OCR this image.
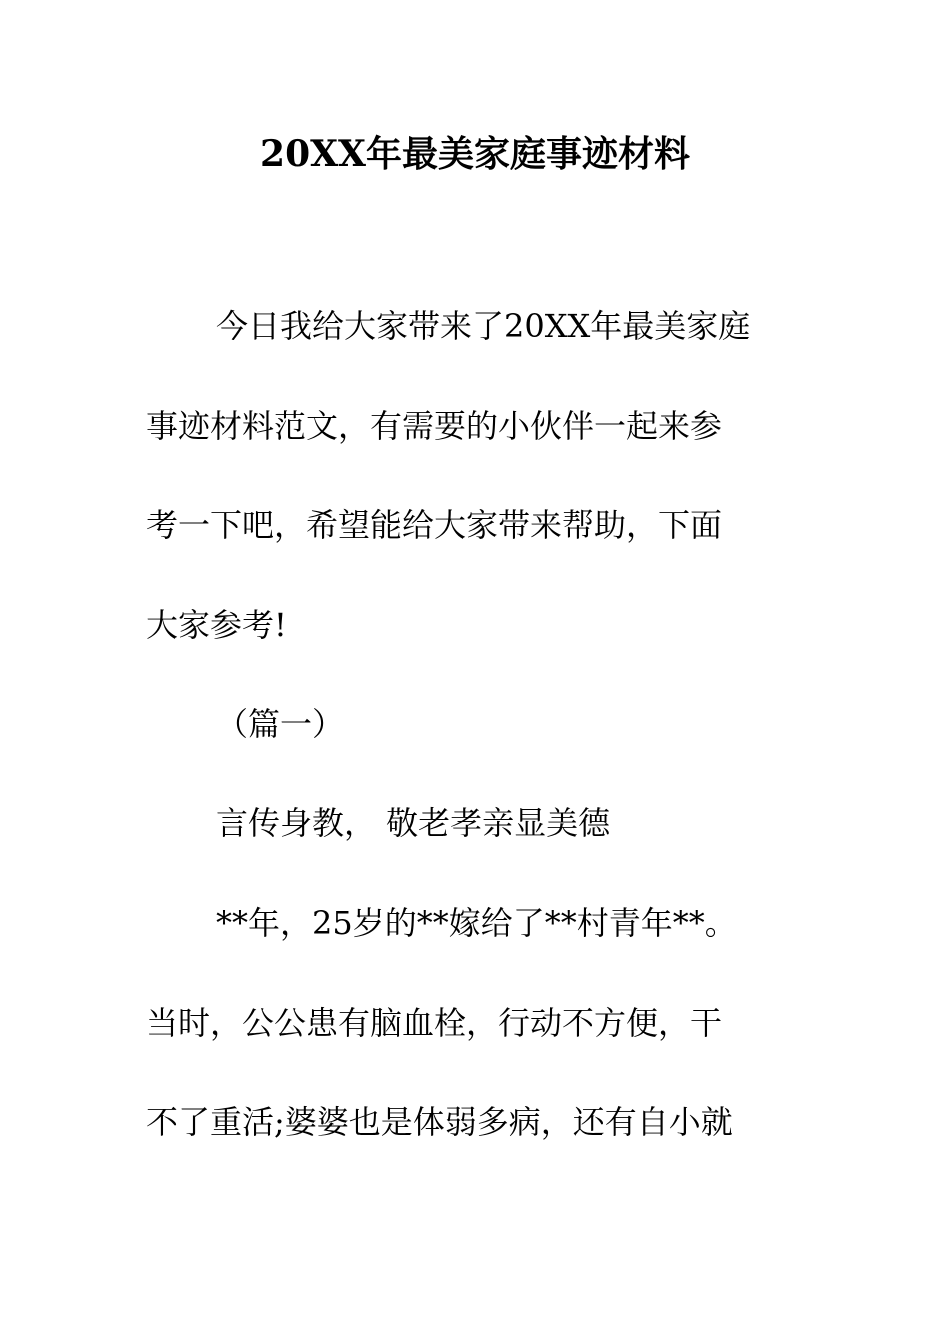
20XX年最美家庭事迹材料
今日我给大家带来了20XX年最美家庭
事迹材料范文，有需要的小伙伴一起来参
考一下吧，希望能给大家带来帮助，下面
大家参考!
（篇一）
言传身教， 敬老孝亲显美德
**年，25岁的**嫁给了**村青年**。
当时，公公患有脑血栓，行动不方便，干
不了重活;婆婆也是体弱多病，还有自小就
